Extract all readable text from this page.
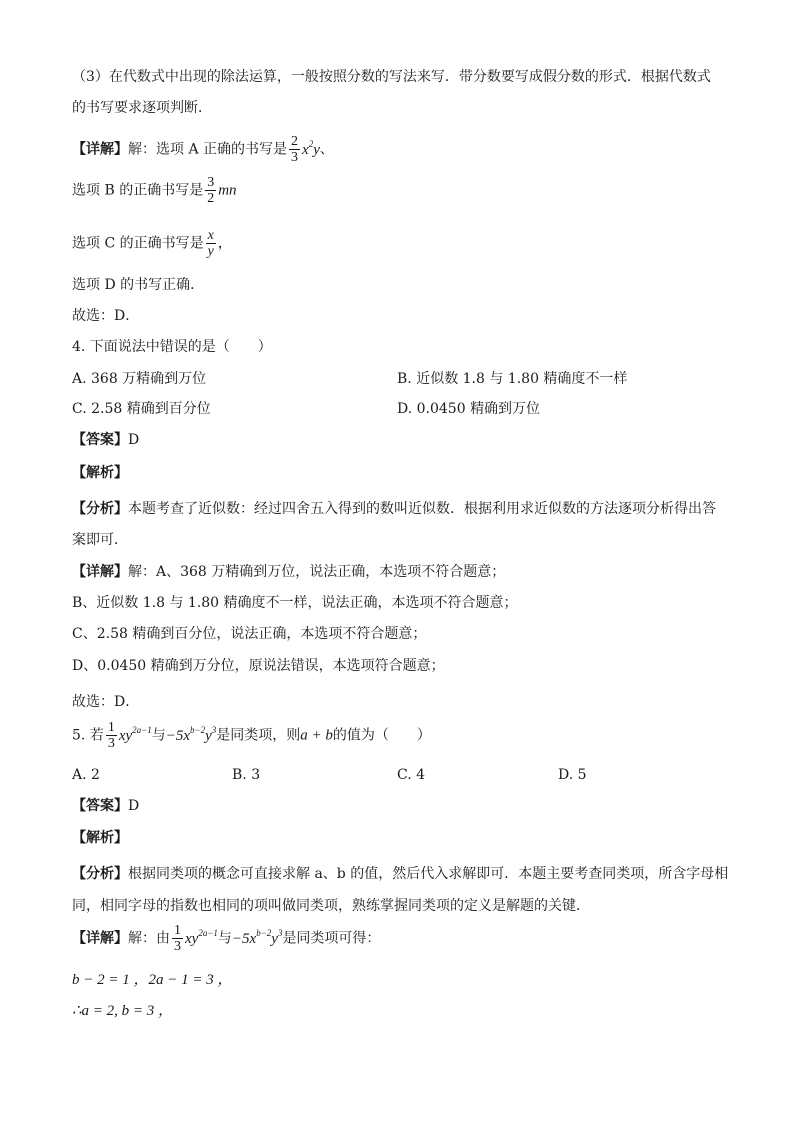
（3）在代数式中出现的除法运算，一般按照分数的写法来写．带分数要写成假分数的形式．根据代数式
的书写要求逐项判断．
【详解】解：选项 A 正确的书写是 $\frac{2}{3} x^2y$、
选项 B 的正确书写是 $\frac{3}{2}$ mn
选项 C 的正确书写是 $\frac{x}{y}$ ，
选项 D 的书写正确．
故选：D．
4. 下面说法中错误的是（　　）
A. 368 万精确到万位	B. 近似数 1.8 与 1.80 精确度不一样
C. 2.58 精确到百分位	D. 0.0450 精确到万位
【答案】D
【解析】
【分析】本题考查了近似数：经过四舍五入得到的数叫近似数．根据利用求近似数的方法逐项分析得出答
案即可．
【详解】解：A、368 万精确到万位，说法正确，本选项不符合题意；
B、近似数 1.8 与 1.80 精确度不一样，说法正确，本选项不符合题意；
C、2.58 精确到百分位，说法正确，本选项不符合题意；
D、0.0450 精确到万分位，原说法错误，本选项符合题意；
故选：D．
5. 若 $\frac{1}{3} xy^{2a-1}$与$-5x^{b-2}y^3$是同类项，则a + b的值为（　　）
A. 2	B. 3	C. 4	D. 5
【答案】D
【解析】
【分析】根据同类项的概念可直接求解 a、b 的值，然后代入求解即可．本题主要考查同类项，所含字母相
同，相同字母的指数也相同的项叫做同类项，熟练掌握同类项的定义是解题的关键．
【详解】解：由 $\frac{1}{3} xy^{2a-1}$与$-5x^{b-2}y^3$是同类项可得：
b − 2 = 1 ，2a − 1 = 3 ，
∴a = 2, b = 3 ，
